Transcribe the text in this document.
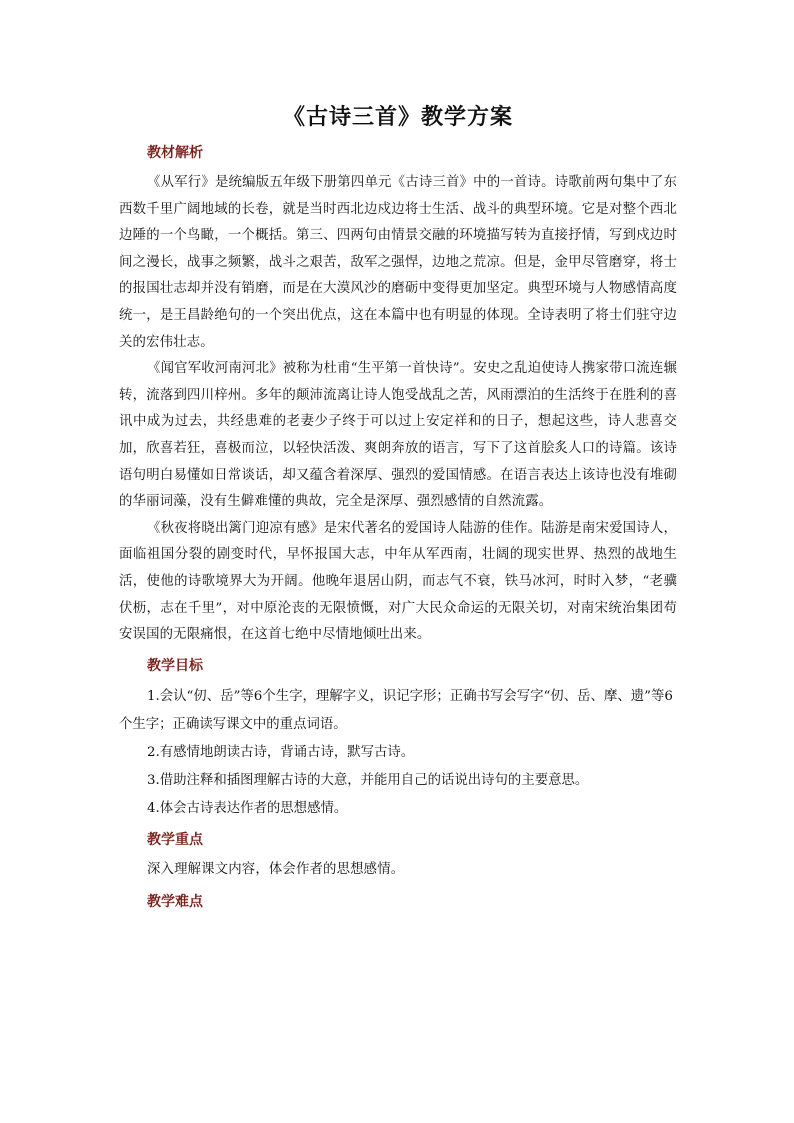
《古诗三首》教学方案
教材解析

《从军行》是统编版五年级下册第四单元《古诗三首》中的一首诗。诗歌前两句集中了东西数千里广阔地域的长卷，就是当时西北边戍边将士生活、战斗的典型环境。它是对整个西北边陲的一个鸟瞰，一个概括。第三、四两句由情景交融的环境描写转为直接抒情，写到戍边时间之漫长，战事之频繁，战斗之艰苦，敌军之强悍，边地之荒凉。但是，金甲尽管磨穿，将士的报国壮志却并没有销磨，而是在大漠风沙的磨砺中变得更加坚定。典型环境与人物感情高度统一，是王昌龄绝句的一个突出优点，这在本篇中也有明显的体现。全诗表明了将士们驻守边关的宏伟壮志。

《闻官军收河南河北》被称为杜甫“生平第一首快诗”。安史之乱迫使诗人携家带口流连辗转，流落到四川梓州。多年的颠沛流离让诗人饱受战乱之苦，风雨漂泊的生活终于在胜利的喜讯中成为过去，共经患难的老妻少子终于可以过上安定祥和的日子，想起这些，诗人悲喜交加，欣喜若狂，喜极而泣，以轻快活泼、爽朗奔放的语言，写下了这首脍炙人口的诗篇。该诗语句明白易懂如日常谈话，却又蕴含着深厚、强烈的爱国情感。在语言表达上该诗也没有堆砌的华丽词藻，没有生僻难懂的典故，完全是深厚、强烈感情的自然流露。

《秋夜将晓出篱门迎凉有感》是宋代著名的爱国诗人陆游的佳作。陆游是南宋爱国诗人，面临祖国分裂的剧变时代，早怀报国大志，中年从军西南，壮阔的现实世界、热烈的战地生活，使他的诗歌境界大为开阔。他晚年退居山阴，而志气不衰，铁马冰河，时时入梦，“老骥伏枥，志在千里”，对中原沦丧的无限愤慨，对广大民众命运的无限关切，对南宋统治集团苟安误国的无限痛恨，在这首七绝中尽情地倾吐出来。

教学目标

1.会认“仞、岳”等6个生字，理解字义，识记字形；正确书写会写字“仞、岳、摩、遗”等6个生字；正确读写课文中的重点词语。

2.有感情地朗读古诗，背诵古诗，默写古诗。

3.借助注释和插图理解古诗的大意，并能用自己的话说出诗句的主要意思。

4.体会古诗表达作者的思想感情。

教学重点

深入理解课文内容，体会作者的思想感情。

教学难点
